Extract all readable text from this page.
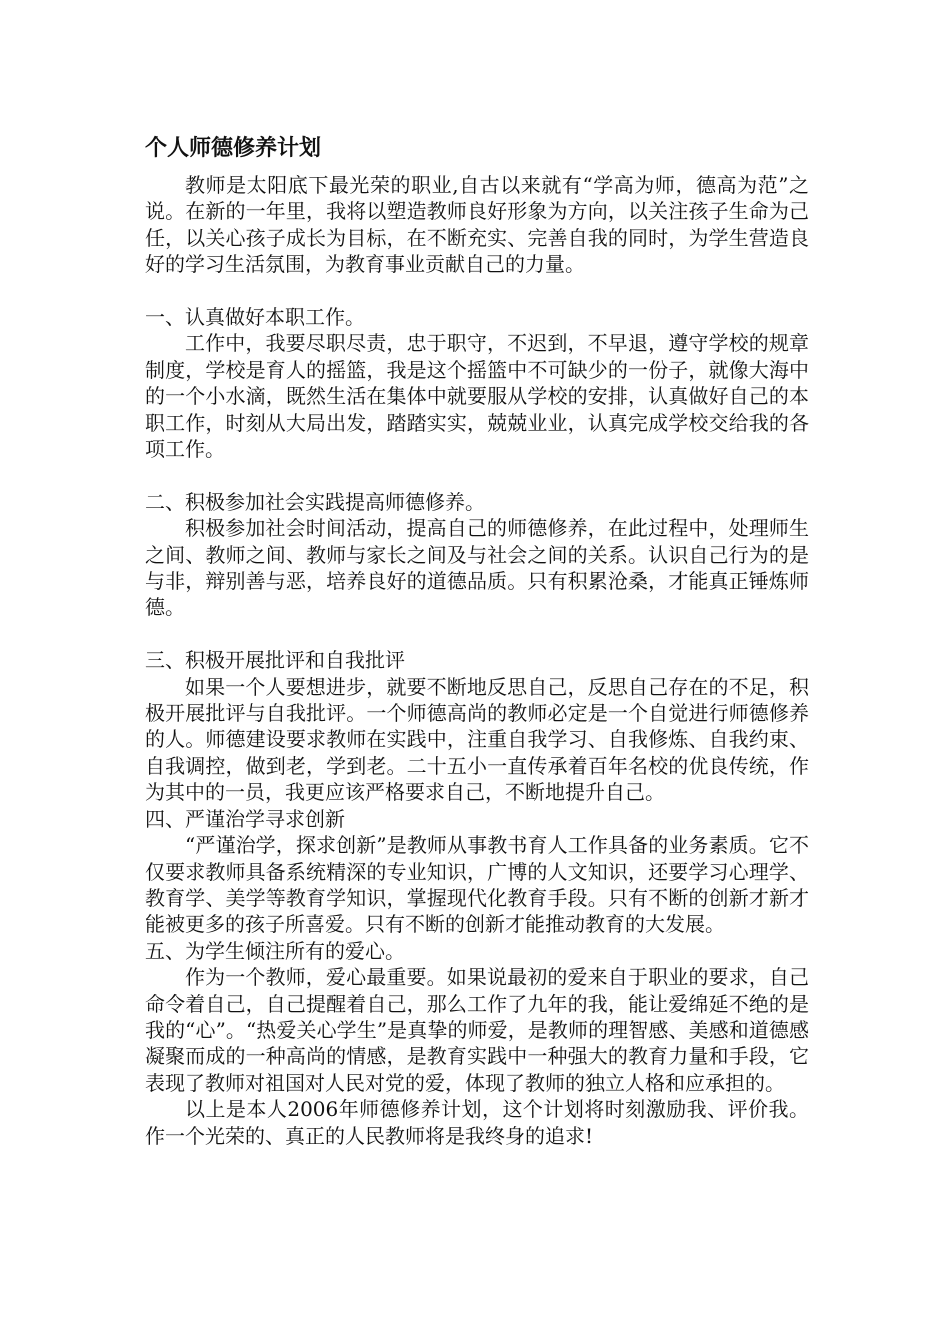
个人师德修养计划

教师是太阳底下最光荣的职业,自古以来就有“学高为师，德高为范”之说。在新的一年里，我将以塑造教师良好形象为方向，以关注孩子生命为己任，以关心孩子成长为目标，在不断充实、完善自我的同时，为学生营造良好的学习生活氛围，为教育事业贡献自己的力量。

一、认真做好本职工作。

工作中，我要尽职尽责，忠于职守，不迟到，不早退，遵守学校的规章制度，学校是育人的摇篮，我是这个摇篮中不可缺少的一份子，就像大海中的一个小水滴，既然生活在集体中就要服从学校的安排，认真做好自己的本职工作，时刻从大局出发，踏踏实实，兢兢业业，认真完成学校交给我的各项工作。

二、积极参加社会实践提高师德修养。

积极参加社会时间活动，提高自己的师德修养，在此过程中，处理师生之间、教师之间、教师与家长之间及与社会之间的关系。认识自己行为的是与非，辩别善与恶，培养良好的道德品质。只有积累沧桑，才能真正锤炼师德。

三、积极开展批评和自我批评

如果一个人要想进步，就要不断地反思自己，反思自己存在的不足，积极开展批评与自我批评。一个师德高尚的教师必定是一个自觉进行师德修养的人。师德建设要求教师在实践中，注重自我学习、自我修炼、自我约束、自我调控，做到老，学到老。二十五小一直传承着百年名校的优良传统，作为其中的一员，我更应该严格要求自己，不断地提升自己。

四、严谨治学寻求创新

“严谨治学，探求创新”是教师从事教书育人工作具备的业务素质。它不仅要求教师具备系统精深的专业知识，广博的人文知识，还要学习心理学、教育学、美学等教育学知识，掌握现代化教育手段。只有不断的创新才新才能被更多的孩子所喜爱。只有不断的创新才能推动教育的大发展。

五、为学生倾注所有的爱心。

作为一个教师，爱心最重要。如果说最初的爱来自于职业的要求，自己命令着自己，自己提醒着自己，那么工作了九年的我，能让爱绵延不绝的是我的“心”。“热爱关心学生”是真挚的师爱，是教师的理智感、美感和道德感凝聚而成的一种高尚的情感，是教育实践中一种强大的教育力量和手段，它表现了教师对祖国对人民对党的爱，体现了教师的独立人格和应承担的。

以上是本人2006年师德修养计划，这个计划将时刻激励我、评价我。作一个光荣的、真正的人民教师将是我终身的追求!
